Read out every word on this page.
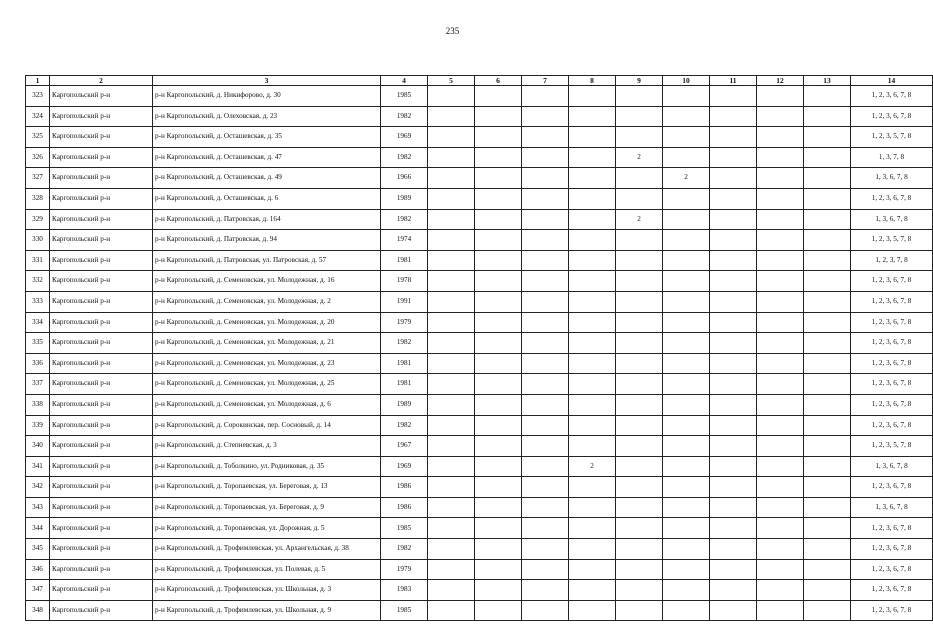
235
1	2	3	4	5	6	7	8	9	10	11	12	13	14
323	Каргопольский р-н	р-н Каргопольский, д. Никифорово, д. 30	1985										1, 2, 3, 6, 7, 8
324	Каргопольский р-н	р-н Каргопольский, д. Олеховская, д. 23	1982										1, 2, 3, 6, 7, 8
325	Каргопольский р-н	р-н Каргопольский, д. Осташевская, д. 35	1969										1, 2, 3, 5, 7, 8
326	Каргопольский р-н	р-н Каргопольский, д. Осташевская, д. 47	1982					2					1, 3, 7, 8
327	Каргопольский р-н	р-н Каргопольский, д. Осташевская, д. 49	1966						2				1, 3, 6, 7, 8
328	Каргопольский р-н	р-н Каргопольский, д. Осташевская, д. 6	1989										1, 2, 3, 6, 7, 8
329	Каргопольский р-н	р-н Каргопольский, д. Патровская, д. 164	1982					2					1, 3, 6, 7, 8
330	Каргопольский р-н	р-н Каргопольский, д. Патровская, д. 94	1974										1, 2, 3, 5, 7, 8
331	Каргопольский р-н	р-н Каргопольский, д. Патровская, ул. Патровская, д. 57	1981										1, 2, 3, 7, 8
332	Каргопольский р-н	р-н Каргопольский, д. Семеновская, ул. Молодежная, д. 16	1978										1, 2, 3, 6, 7, 8
333	Каргопольский р-н	р-н Каргопольский, д. Семеновская, ул. Молодежная, д. 2	1991										1, 2, 3, 6, 7, 8
334	Каргопольский р-н	р-н Каргопольский, д. Семеновская, ул. Молодежная, д. 20	1979										1, 2, 3, 6, 7, 8
335	Каргопольский р-н	р-н Каргопольский, д. Семеновская, ул. Молодежная, д. 21	1982										1, 2, 3, 6, 7, 8
336	Каргопольский р-н	р-н Каргопольский, д. Семеновская, ул. Молодежная, д. 23	1981										1, 2, 3, 6, 7, 8
337	Каргопольский р-н	р-н Каргопольский, д. Семеновская, ул. Молодежная, д. 25	1981										1, 2, 3, 6, 7, 8
338	Каргопольский р-н	р-н Каргопольский, д. Семеновская, ул. Молодежная, д. 6	1989										1, 2, 3, 6, 7, 8
339	Каргопольский р-н	р-н Каргопольский, д. Сорокинская, пер. Сосновый, д. 14	1982										1, 2, 3, 6, 7, 8
340	Каргопольский р-н	р-н Каргопольский, д. Степневская, д. 3	1967										1, 2, 3, 5, 7, 8
341	Каргопольский р-н	р-н Каргопольский, д. Тоболкино, ул. Родниковая, д. 35	1969				2						1, 3, 6, 7, 8
342	Каргопольский р-н	р-н Каргопольский, д. Торопаевская, ул. Береговая, д. 13	1986										1, 2, 3, 6, 7, 8
343	Каргопольский р-н	р-н Каргопольский, д. Торопаевская, ул. Береговая, д. 9	1986										1, 3, 6, 7, 8
344	Каргопольский р-н	р-н Каргопольский, д. Торопаевская, ул. Дорожная, д. 5	1985										1, 2, 3, 6, 7, 8
345	Каргопольский р-н	р-н Каргопольский, д. Трофимлевская, ул. Архангельская, д. 38	1982										1, 2, 3, 6, 7, 8
346	Каргопольский р-н	р-н Каргопольский, д. Трофимлевская, ул. Полевая, д. 5	1979										1, 2, 3, 6, 7, 8
347	Каргопольский р-н	р-н Каргопольский, д. Трофимлевская, ул. Школьная, д. 3	1983										1, 2, 3, 6, 7, 8
348	Каргопольский р-н	р-н Каргопольский, д. Трофимлевская, ул. Школьная, д. 9	1985										1, 2, 3, 6, 7, 8
